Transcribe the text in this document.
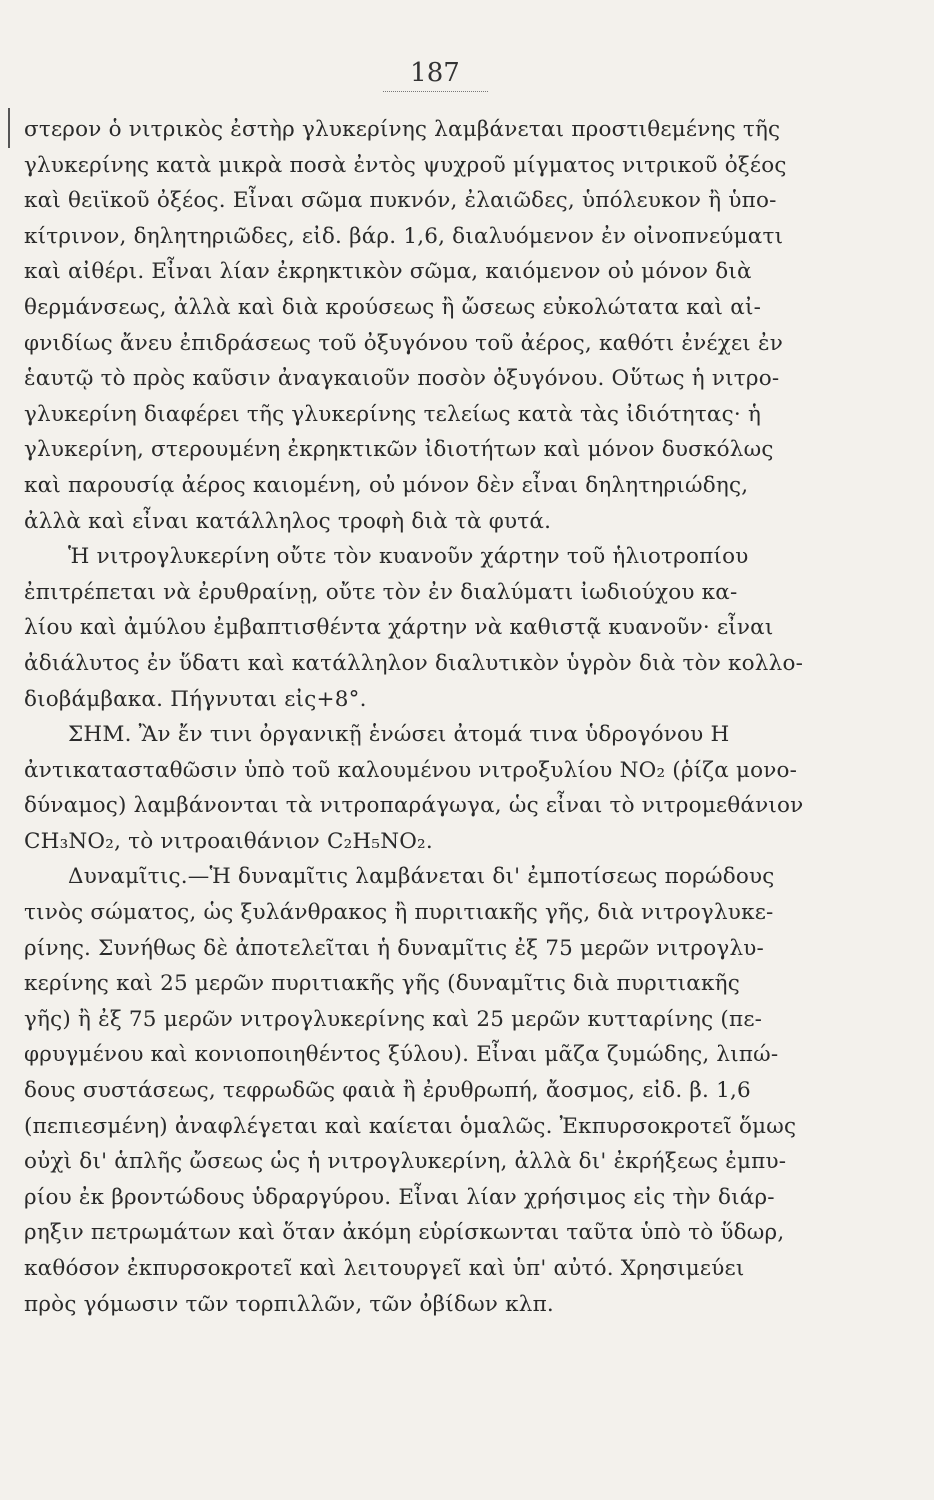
187
στερον ὁ νιτρικὸς ἐστὴρ γλυκερίνης λαμβάνεται προστιθεμένης τῆς
γλυκερίνης κατὰ μικρὰ ποσὰ ἐντὸς ψυχροῦ μίγματος νιτρικοῦ ὀξέος
καὶ θειϊκοῦ ὀξέος. Εἶναι σῶμα πυκνόν, ἐλαιῶδες, ὑπόλευκον ἢ ὑπο-
κίτρινον, δηλητηριῶδες, εἰδ. βάρ. 1,6, διαλυόμενον ἐν οἰνοπνεύματι
καὶ αἰθέρι. Εἶναι λίαν ἐκρηκτικὸν σῶμα, καιόμενον οὐ μόνον διὰ
θερμάνσεως, ἀλλὰ καὶ διὰ κρούσεως ἢ ὤσεως εὐκολώτατα καὶ αἰ-
φνιδίως ἄνευ ἐπιδράσεως τοῦ ὀξυγόνου τοῦ ἀέρος, καθότι ἐνέχει ἐν
ἑαυτῷ τὸ πρὸς καῦσιν ἀναγκαιοῦν ποσὸν ὀξυγόνου. Οὕτως ἡ νιτρο-
γλυκερίνη διαφέρει τῆς γλυκερίνης τελείως κατὰ τὰς ἰδιότητας· ἡ
γλυκερίνη, στερουμένη ἐκρηκτικῶν ἰδιοτήτων καὶ μόνον δυσκόλως
καὶ παρουσίᾳ ἀέρος καιομένη, οὐ μόνον δὲν εἶναι δηλητηριώδης,
ἀλλὰ καὶ εἶναι κατάλληλος τροφὴ διὰ τὰ φυτά.
Ἡ νιτρογλυκερίνη οὔτε τὸν κυανοῦν χάρτην τοῦ ἡλιοτροπίου
ἐπιτρέπεται νὰ ἐρυθραίνῃ, οὔτε τὸν ἐν διαλύματι ἰωδιούχου κα-
λίου καὶ ἀμύλου ἐμβαπτισθέντα χάρτην νὰ καθιστᾷ κυανοῦν· εἶναι
ἀδιάλυτος ἐν ὕδατι καὶ κατάλληλον διαλυτικὸν ὑγρὸν διὰ τὸν κολλο-
διοβάμβακα. Πήγνυται εἰς+8°.
ΣΗΜ. Ἂν ἔν τινι ὀργανικῇ ἑνώσει ἀτομά τινα ὑδρογόνου Η
ἀντικατασταθῶσιν ὑπὸ τοῦ καλουμένου νιτροξυλίου ΝΟ₂ (ῥίζα μονο-
δύναμος) λαμβάνονται τὰ νιτροπαράγωγα, ὡς εἶναι τὸ νιτρομεθάνιον
CH₃NO₂, τὸ νιτροαιθάνιον C₂H₅NO₂.
Δυναμῖτις.—Ἡ δυναμῖτις λαμβάνεται δι' ἐμποτίσεως πορώδους
τινὸς σώματος, ὡς ξυλάνθρακος ἢ πυριτιακῆς γῆς, διὰ νιτρογλυκε-
ρίνης. Συνήθως δὲ ἀποτελεῖται ἡ δυναμῖτις ἐξ 75 μερῶν νιτρογλυ-
κερίνης καὶ 25 μερῶν πυριτιακῆς γῆς (δυναμῖτις διὰ πυριτιακῆς
γῆς) ἢ ἐξ 75 μερῶν νιτρογλυκερίνης καὶ 25 μερῶν κυτταρίνης (πε-
φρυγμένου καὶ κονιοποιηθέντος ξύλου). Εἶναι μᾶζα ζυμώδης, λιπώ-
δους συστάσεως, τεφρωδῶς φαιὰ ἢ ἐρυθρωπή, ἄοσμος, εἰδ. β. 1,6
(πεπιεσμένη) ἀναφλέγεται καὶ καίεται ὁμαλῶς. Ἐκπυρσοκροτεῖ ὅμως
οὐχὶ δι' ἁπλῆς ὤσεως ὡς ἡ νιτρογλυκερίνη, ἀλλὰ δι' ἐκρήξεως ἐμπυ-
ρίου ἐκ βροντώδους ὑδραργύρου. Εἶναι λίαν χρήσιμος εἰς τὴν διάρ-
ρηξιν πετρωμάτων καὶ ὅταν ἀκόμη εὑρίσκωνται ταῦτα ὑπὸ τὸ ὕδωρ,
καθόσον ἐκπυρσοκροτεῖ καὶ λειτουργεῖ καὶ ὑπ' αὐτό. Χρησιμεύει
πρὸς γόμωσιν τῶν τορπιλλῶν, τῶν ὀβίδων κλπ.
